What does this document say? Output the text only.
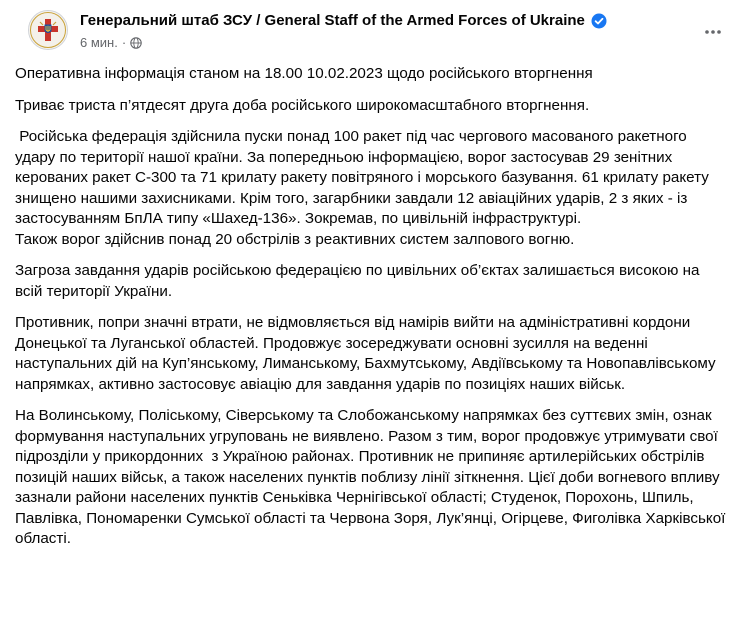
Генеральний штаб ЗСУ / General Staff of the Armed Forces of Ukraine
6 мин. ·

Оперативна інформація станом на 18.00 10.02.2023 щодо російського вторгнення

Триває триста п’ятдесят друга доба російського широкомасштабного вторгнення.

Російська федерація здійснила пуски понад 100 ракет під час чергового масованого ракетного удару по території нашої країни. За попередньою інформацією, ворог застосував 29 зенітних керованих ракет С-300 та 71 крилату ракету повітряного і морського базування. 61 крилату ракету знищено нашими захисниками. Крім того, загарбники завдали 12 авіаційних ударів, 2 з яких - із застосуванням БпЛА типу «Шахед-136». Зокремав, по цивільній інфраструктурі.
Також ворог здійснив понад 20 обстрілів з реактивних систем залпового вогню.

Загроза завдання ударів російською федерацією по цивільних об’єктах залишається високою на всій території України.

Противник, попри значні втрати, не відмовляється від намірів вийти на адміністративні кордони Донецької та Луганської областей. Продовжує зосереджувати основні зусилля на веденні наступальних дій на Куп’янському, Лиманському, Бахмутському, Авдіївському та Новопавлівському напрямках, активно застосовує авіацію для завдання ударів по позиціях наших військ.

На Волинському, Поліському, Сіверському та Слобожанському напрямках без суттєвих змін, ознак формування наступальних угруповань не виявлено. Разом з тим, ворог продовжує утримувати свої підрозділи у прикордонних  з Україною районах. Противник не припиняє артилерійських обстрілів позицій наших військ, а також населених пунктів поблизу лінії зіткнення. Цієї доби вогневого впливу зазнали райони населених пунктів Сеньківка Чернігівської області; Студенок, Порохонь, Шпиль, Павлівка, Пономаренки Сумської області та Червона Зоря, Лук’янці, Огірцеве, Фиголівка Харківської області.
